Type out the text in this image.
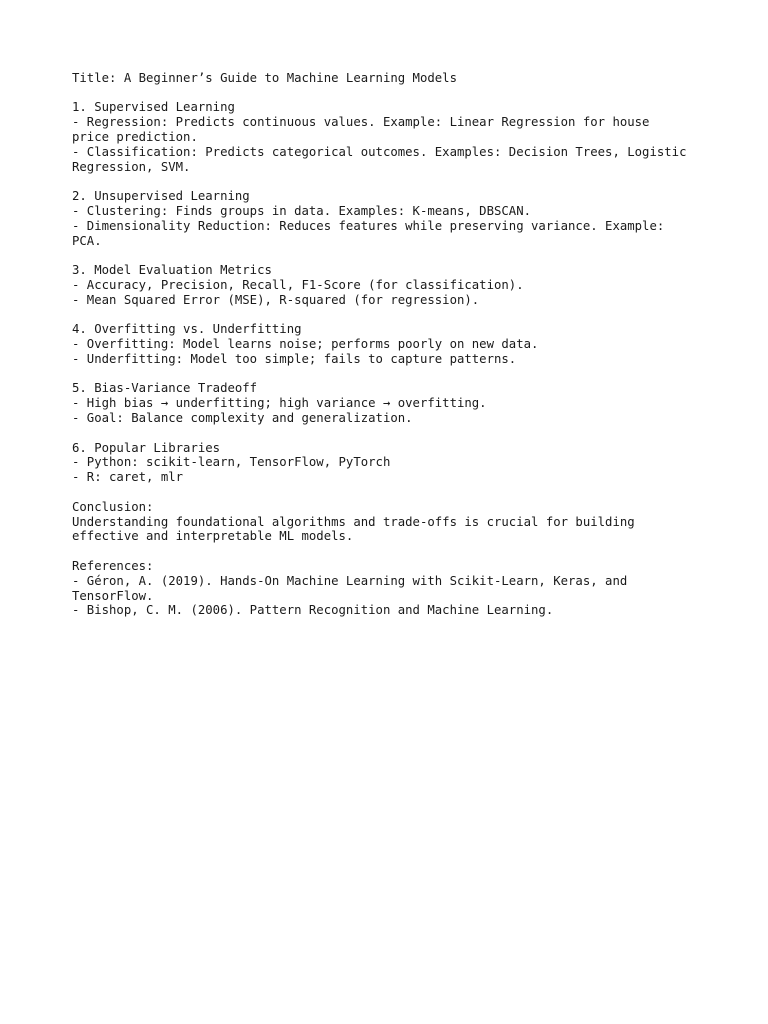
Title: A Beginner’s Guide to Machine Learning Models
1. Supervised Learning
- Regression: Predicts continuous values. Example: Linear Regression for house
price prediction.
- Classification: Predicts categorical outcomes. Examples: Decision Trees, Logistic
Regression, SVM.
2. Unsupervised Learning
- Clustering: Finds groups in data. Examples: K-means, DBSCAN.
- Dimensionality Reduction: Reduces features while preserving variance. Example:
PCA.
3. Model Evaluation Metrics
- Accuracy, Precision, Recall, F1-Score (for classification).
- Mean Squared Error (MSE), R-squared (for regression).
4. Overfitting vs. Underfitting
- Overfitting: Model learns noise; performs poorly on new data.
- Underfitting: Model too simple; fails to capture patterns.
5. Bias-Variance Tradeoff
- High bias → underfitting; high variance → overfitting.
- Goal: Balance complexity and generalization.
6. Popular Libraries
- Python: scikit-learn, TensorFlow, PyTorch
- R: caret, mlr
Conclusion:
Understanding foundational algorithms and trade-offs is crucial for building
effective and interpretable ML models.
References:
- Géron, A. (2019). Hands-On Machine Learning with Scikit-Learn, Keras, and
TensorFlow.
- Bishop, C. M. (2006). Pattern Recognition and Machine Learning.
